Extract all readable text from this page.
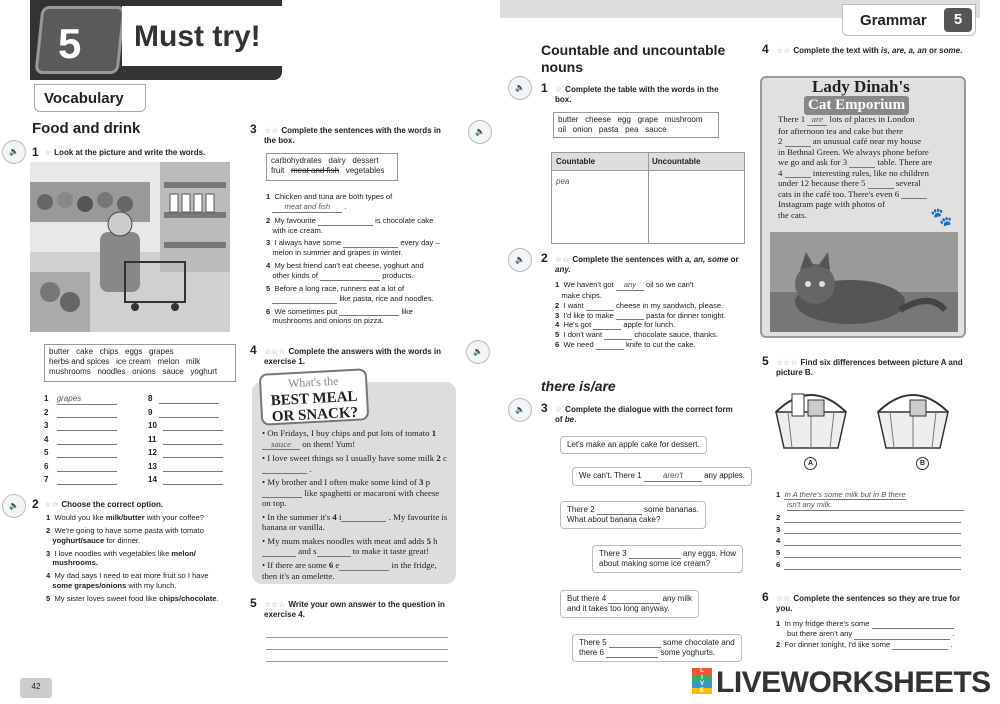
5 Must try!
Vocabulary
Food and drink
🔈	1 ☆ Look at the picture and write the words.
butter   cake   chips   eggs   grapes
herbs and spices   ice cream   melon   milk
mushrooms   noodles   onions   sauce   yoghurt
1 grapes
2
3
4
5
6
7
8
9
10
11
12
13
14
🔈	2 ☆☆ Choose the correct option.
1 Would you like milk/butter with your coffee?
2 We're going to have some pasta with tomato
yoghurt/sauce for dinner.
3 I love noodles with vegetables like melon/
mushrooms.
4 My dad says I need to eat more fruit so I have
some grapes/onions with my lunch.
5 My sister loves sweet food like chips/chocolate.
3 ☆☆ Complete the sentences with the words in the box.
🔈
carbohydrates   dairy   dessert
fruit meat and fish vegetables
1 Chicken and tuna are both types of
meat and fish .
2 My favourite	is chocolate cake
with ice cream.
3 I always have some	every day –
melon in summer and grapes in winter.
4 My best friend can't eat cheese, yoghurt and
other kinds of	products.
5 Before a long race, runners eat a lot of
like pasta, rice and noodles.
6 We sometimes put	like
mushrooms and onions on pizza.
4 ☆☆☆ Complete the answers with the words in exercise 1.
🔈
What's the
BEST MEAL
OR SNACK?
• On Fridays, I buy chips and put lots of tomato 1 sauce on them! Yum!
• I love sweet things so I usually have some milk 2 c .
• My brother and I often make some kind of 3 p like spaghetti or macaroni with cheese on top.
• In the summer it's 4 i	. My favourite is banana or vanilla.
• My mum makes noodles with meat and adds 5 h and s	to make it taste great!
• If there are some 6 e	in the fridge, then it's an omelette.
5 ☆☆☆ Write your own answer to the question in exercise 4.
42
Grammar	5
Countable and uncountable nouns
🔈	1 ☆ Complete the table with the words in the box.
butter   cheese   egg   grape   mushroom
oil   onion   pasta   pea   sauce
Countable	Uncountable
pea
🔈	2 ☆☆ Complete the sentences with a, an, some or any.
1 We haven't got any oil so we can't
make chips.
2 I want	cheese in my sandwich, please.
3 I'd like to make	pasta for dinner tonight.
4 He's got	apple for lunch.
5 I don't want	chocolate sauce, thanks.
6 We need	knife to cut the cake.
there is/are
🔈	3 ☆ Complete the dialogue with the correct form of be.
Let's make an apple cake for dessert.
We can't. There 1	aren't	any apples.
There 2	some bananas.
What about banana cake?
There 3	any eggs. How
about making some ice cream?
But there 4	any milk
and it takes too long anyway.
There 5	some chocolate and
there 6	some yoghurts.
4 ☆☆ Complete the text with is, are, a, an or some.
Lady Dinah's
Cat Emporium
There 1 are lots of places in London
for afternoon tea and cake but there
2	an unusual café near my house
in Bethnal Green. We always phone before
we go and ask for 3	table. There are
4	interesting rules, like no children
under 12 because there 5	several
cats in the café too. There's even 6
Instagram page with photos of
the cats.	🐾
5 ☆☆☆ Find six differences between picture A and picture B.
A	B
1 In A there's some milk but in B there
isn't any milk.
2
3
4
5
6
6 ☆☆ Complete the sentences so they are true for you.
1 In my fridge there's some
but there aren't any	.
2 For dinner tonight, I'd like some	.
L
I
V
E LIVEWORKSHEETS
